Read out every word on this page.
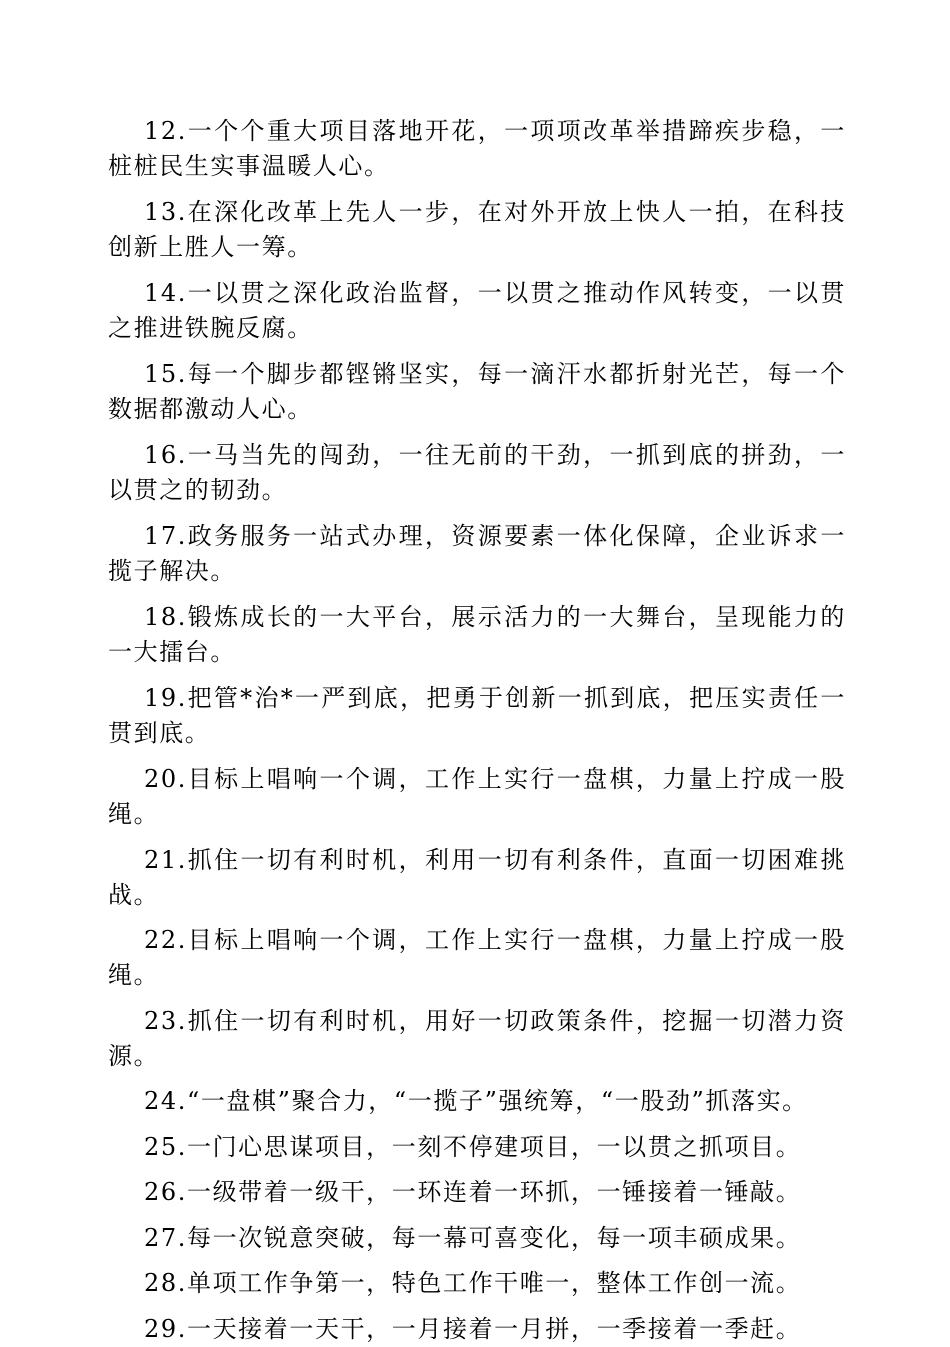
12.一个个重大项目落地开花，一项项改革举措蹄疾步稳，一桩桩民生实事温暖人心。

13.在深化改革上先人一步，在对外开放上快人一拍，在科技创新上胜人一筹。

14.一以贯之深化政治监督，一以贯之推动作风转变，一以贯之推进铁腕反腐。

15.每一个脚步都铿锵坚实，每一滴汗水都折射光芒，每一个数据都激动人心。

16.一马当先的闯劲，一往无前的干劲，一抓到底的拼劲，一以贯之的韧劲。

17.政务服务一站式办理，资源要素一体化保障，企业诉求一揽子解决。

18.锻炼成长的一大平台，展示活力的一大舞台，呈现能力的一大擂台。

19.把管*治*一严到底，把勇于创新一抓到底，把压实责任一贯到底。

20.目标上唱响一个调，工作上实行一盘棋，力量上拧成一股绳。

21.抓住一切有利时机，利用一切有利条件，直面一切困难挑战。

22.目标上唱响一个调，工作上实行一盘棋，力量上拧成一股绳。

23.抓住一切有利时机，用好一切政策条件，挖掘一切潜力资源。

24.“一盘棋”聚合力，“一揽子”强统筹，“一股劲”抓落实。

25.一门心思谋项目，一刻不停建项目，一以贯之抓项目。

26.一级带着一级干，一环连着一环抓，一锤接着一锤敲。

27.每一次锐意突破，每一幕可喜变化，每一项丰硕成果。

28.单项工作争第一，特色工作干唯一，整体工作创一流。

29.一天接着一天干，一月接着一月拼，一季接着一季赶。
